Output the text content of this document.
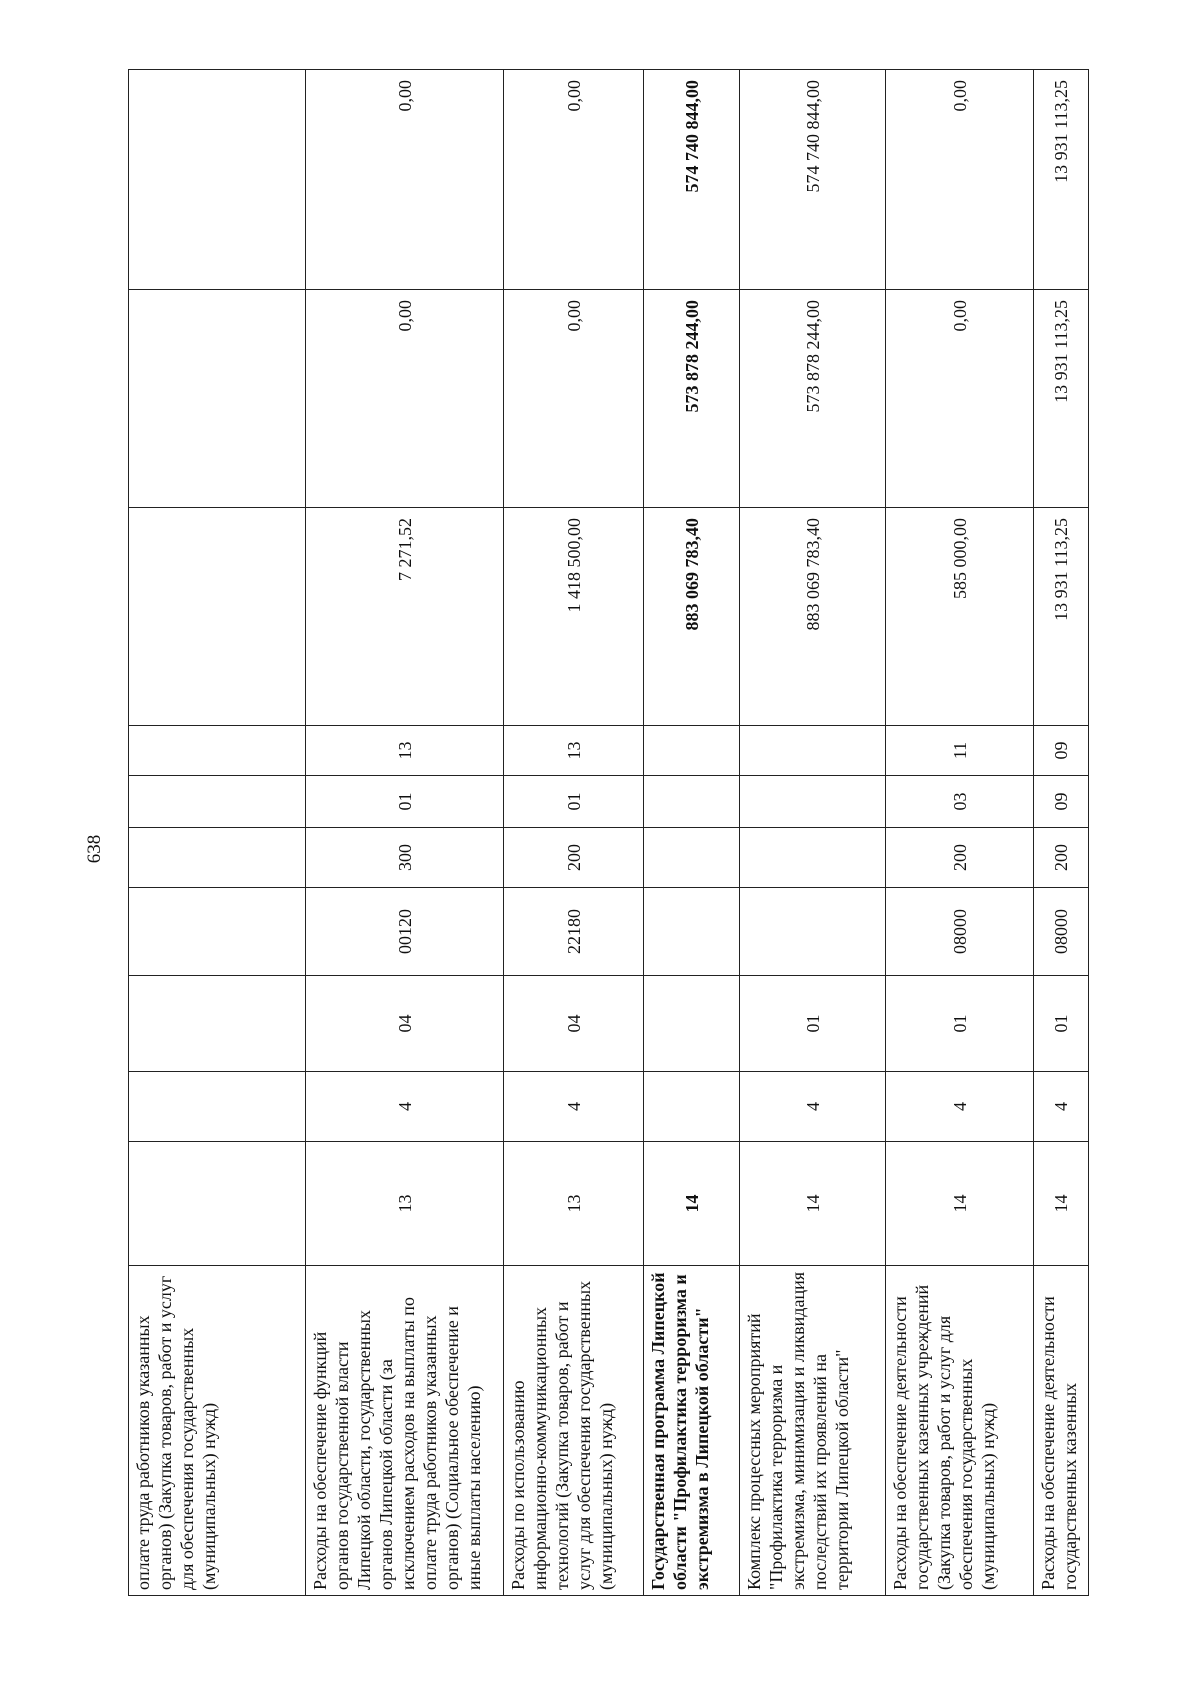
638
оплате труда работников указанных органов) (Закупка товаров, работ и услуг для обеспечения государственных (муниципальных) нужд)										
Расходы на обеспечение функций органов государственной власти Липецкой области, государственных органов Липецкой области (за исключением расходов на выплаты по оплате труда работников указанных органов) (Социальное обеспечение и иные выплаты населению)	13	4	04	00120	300	01	13	7 271,52	0,00	0,00
Расходы по использованию информационно-коммуникационных технологий (Закупка товаров, работ и услуг для обеспечения государственных (муниципальных) нужд)	13	4	04	22180	200	01	13	1 418 500,00	0,00	0,00
Государственная программа Липецкой области "Профилактика терроризма и экстремизма в Липецкой области"	14							883 069 783,40	573 878 244,00	574 740 844,00
Комплекс процессных мероприятий "Профилактика терроризма и экстремизма, минимизация и ликвидация последствий их проявлений на территории Липецкой области"	14	4	01					883 069 783,40	573 878 244,00	574 740 844,00
Расходы на обеспечение деятельности государственных казенных учреждений (Закупка товаров, работ и услуг для обеспечения государственных (муниципальных) нужд)	14	4	01	08000	200	03	11	585 000,00	0,00	0,00
Расходы на обеспечение деятельности государственных казенных	14	4	01	08000	200	09	09	13 931 113,25	13 931 113,25	13 931 113,25
